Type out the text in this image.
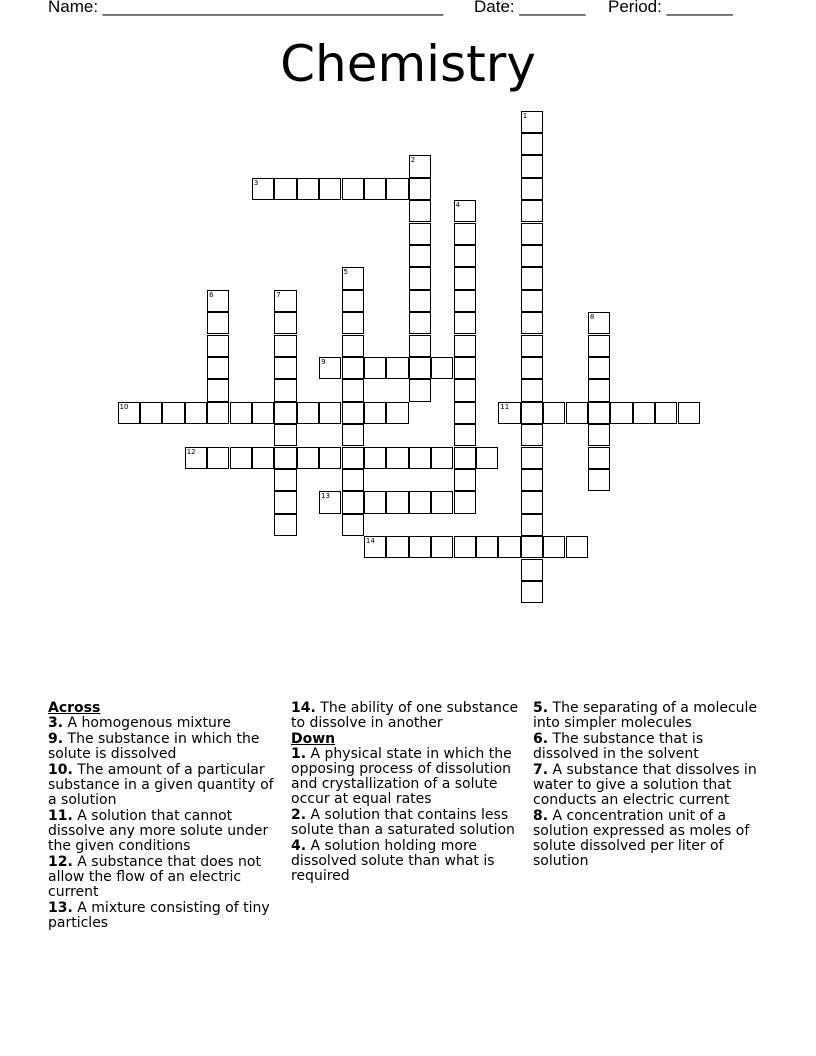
Name: ____________________________________

Date: _______

Period: _______

Chemistry
1
2
3
4
5
6	7
8
9
10	11
12
13
14
Across

3. A homogenous mixture

9. The substance in which the solute is dissolved

10. The amount of a particular substance in a given quantity of a solution

11. A solution that cannot dissolve any more solute under the given conditions

12. A substance that does not allow the flow of an electric current

13. A mixture consisting of tiny particles

14. The ability of one substance to dissolve in another

Down

1. A physical state in which the opposing process of dissolution and crystallization of a solute occur at equal rates

2. A solution that contains less solute than a saturated solution

4. A solution holding more dissolved solute than what is required

5. The separating of a molecule into simpler molecules

6. The substance that is dissolved in the solvent

7. A substance that dissolves in water to give a solution that conducts an electric current

8. A concentration unit of a solution expressed as moles of solute dissolved per liter of solution
